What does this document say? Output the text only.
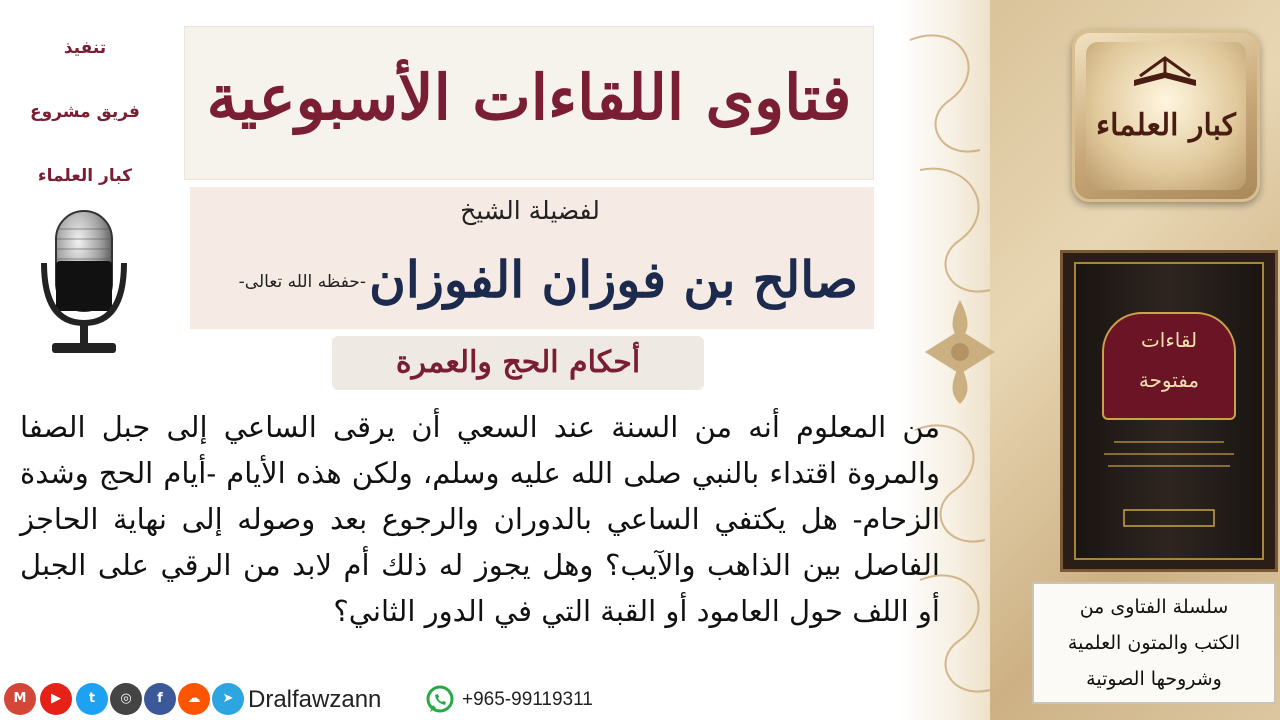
فتاوى اللقاءات الأسبوعية
لفضيلة الشيخ
صالح بن فوزان الفوزان
-حفظه الله تعالى-
أحكام الحج والعمرة
تنفيذ
فريق مشروع
كبار العلماء
من المعلوم أنه من السنة عند السعي أن يرقى الساعي إلى جبل الصفا والمروة اقتداء بالنبي صلى الله عليه وسلم، ولكن هذه الأيام -أيام الحج وشدة الزحام- هل يكتفي الساعي بالدوران والرجوع بعد وصوله إلى نهاية الحاجز الفاصل بين الذاهب والآيب؟ وهل يجوز له ذلك أم لابد من الرقي على الجبل أو اللف حول العامود أو القبة التي في الدور الثاني؟
كبار العلماء
لقاءات
مفتوحة
سلسلة الفتاوى من
الكتب والمتون العلمية
وشروحها الصوتية
M	▶	t	◎	f	☁	➤ Dralfawzann	+965-99119311
